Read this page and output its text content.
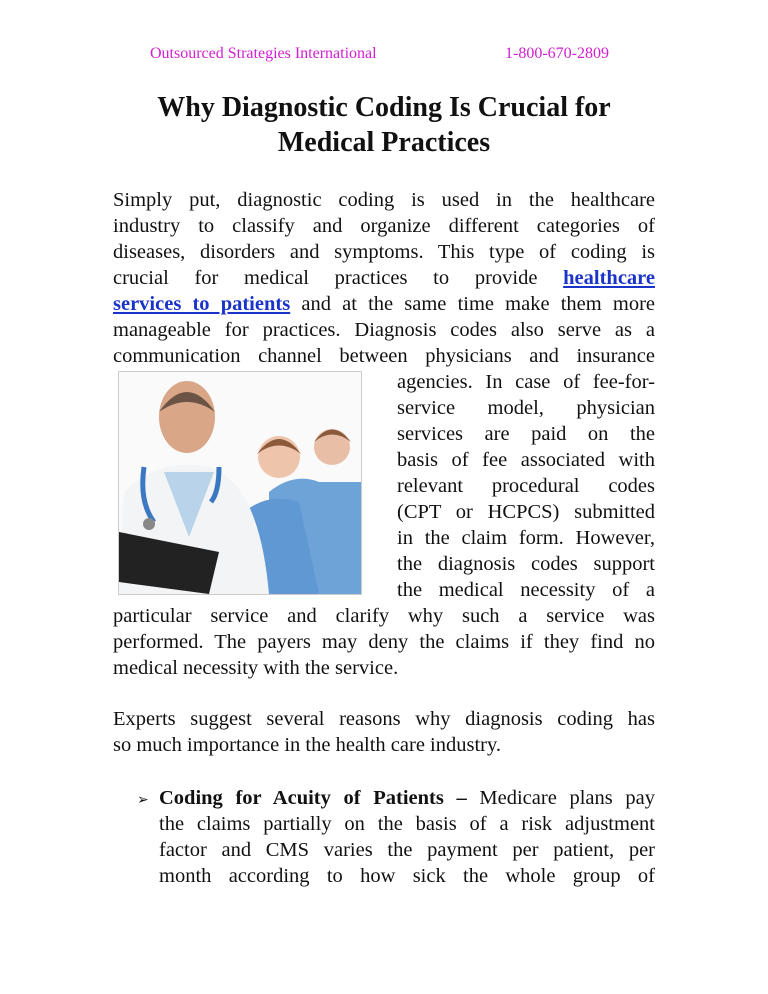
Outsourced Strategies International	1-800-670-2809
Why Diagnostic Coding Is Crucial for
Medical Practices
Simply put, diagnostic coding is used in the healthcare
industry to classify and organize different categories of
diseases, disorders and symptoms. This type of coding is
crucial for medical practices to provide healthcare
services to patients and at the same time make them more
manageable for practices. Diagnosis codes also serve as a
communication channel between physicians and insurance
agencies. In case of fee-for-
service model, physician
services are paid on the
basis of fee associated with
relevant procedural codes
(CPT or HCPCS) submitted
in the claim form. However,
the diagnosis codes support
the medical necessity of a
particular service and clarify why such a service was
performed. The payers may deny the claims if they find no
medical necessity with the service.
Experts suggest several reasons why diagnosis coding has
so much importance in the health care industry.
➢ Coding for Acuity of Patients – Medicare plans pay
the claims partially on the basis of a risk adjustment
factor and CMS varies the payment per patient, per
month according to how sick the whole group of
